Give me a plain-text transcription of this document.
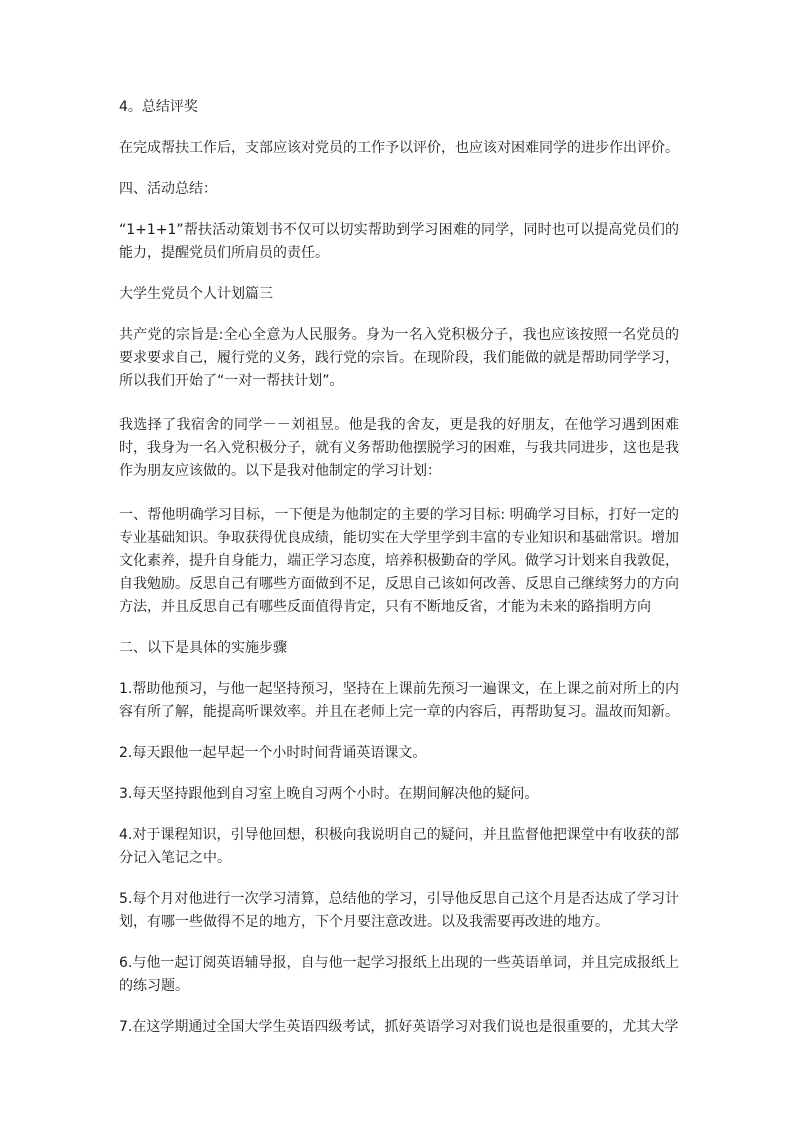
4。总结评奖

在完成帮扶工作后，支部应该对党员的工作予以评价，也应该对困难同学的进步作出评价。

四、活动总结：

“1+1+1”帮扶活动策划书不仅可以切实帮助到学习困难的同学，同时也可以提高党员们的能力，提醒党员们所肩员的责任。

大学生党员个人计划篇三

共产党的宗旨是:全心全意为人民服务。身为一名入党积极分子，我也应该按照一名党员的要求要求自己，履行党的义务，践行党的宗旨。在现阶段，我们能做的就是帮助同学学习，所以我们开始了“一对一帮扶计划”。

我选择了我宿舍的同学－－刘祖昱。他是我的舍友，更是我的好朋友，在他学习遇到困难时，我身为一名入党积极分子，就有义务帮助他摆脱学习的困难，与我共同进步，这也是我作为朋友应该做的。以下是我对他制定的学习计划：

一、帮他明确学习目标，一下便是为他制定的主要的学习目标: 明确学习目标，打好一定的专业基础知识。争取获得优良成绩，能切实在大学里学到丰富的专业知识和基础常识。增加文化素养，提升自身能力，端正学习态度，培养积极勤奋的学风。做学习计划来自我敦促，自我勉励。反思自己有哪些方面做到不足，反思自己该如何改善、反思自己继续努力的方向方法，并且反思自己有哪些反面值得肯定，只有不断地反省，才能为未来的路指明方向

二、以下是具体的实施步骤

1.帮助他预习，与他一起坚持预习，坚持在上课前先预习一遍课文，在上课之前对所上的内容有所了解，能提高听课效率。并且在老师上完一章的内容后，再帮助复习。温故而知新。

2.每天跟他一起早起一个小时时间背诵英语课文。

3.每天坚持跟他到自习室上晚自习两个小时。在期间解决他的疑问。

4.对于课程知识，引导他回想，积极向我说明自己的疑问，并且监督他把课堂中有收获的部分记入笔记之中。

5.每个月对他进行一次学习清算，总结他的学习，引导他反思自己这个月是否达成了学习计划，有哪一些做得不足的地方，下个月要注意改进。以及我需要再改进的地方。

6.与他一起订阅英语辅导报，自与他一起学习报纸上出现的一些英语单词，并且完成报纸上的练习题。

7.在这学期通过全国大学生英语四级考试，抓好英语学习对我们说也是很重要的，尤其大学
